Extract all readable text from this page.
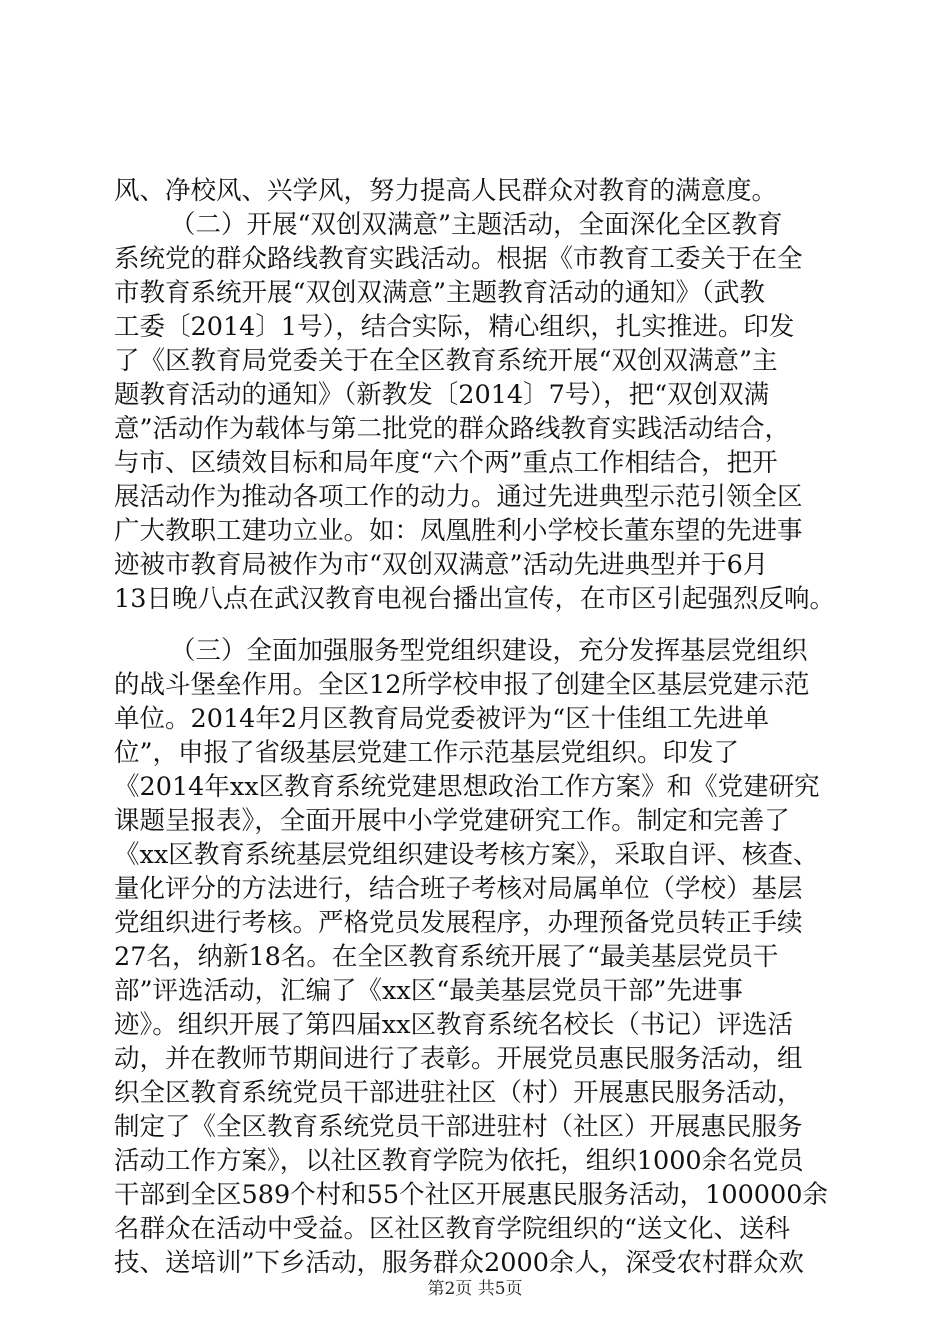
风、净校风、兴学风，努力提高人民群众对教育的满意度。
（二）开展“双创双满意”主题活动，全面深化全区教育
系统党的群众路线教育实践活动。根据《市教育工委关于在全
市教育系统开展“双创双满意”主题教育活动的通知》（武教
工委〔2014〕1号），结合实际，精心组织，扎实推进。印发
了《区教育局党委关于在全区教育系统开展“双创双满意”主
题教育活动的通知》（新教发〔2014〕7号），把“双创双满
意”活动作为载体与第二批党的群众路线教育实践活动结合，
与市、区绩效目标和局年度“六个两”重点工作相结合，把开
展活动作为推动各项工作的动力。通过先进典型示范引领全区
广大教职工建功立业。如：凤凰胜利小学校长董东望的先进事
迹被市教育局被作为市“双创双满意”活动先进典型并于6月
13日晚八点在武汉教育电视台播出宣传，在市区引起强烈反响。
（三）全面加强服务型党组织建设，充分发挥基层党组织
的战斗堡垒作用。全区12所学校申报了创建全区基层党建示范
单位。2014年2月区教育局党委被评为“区十佳组工先进单
位”，申报了省级基层党建工作示范基层党组织。印发了
《2014年xx区教育系统党建思想政治工作方案》和《党建研究
课题呈报表》，全面开展中小学党建研究工作。制定和完善了
《xx区教育系统基层党组织建设考核方案》，采取自评、核查、
量化评分的方法进行，结合班子考核对局属单位（学校）基层
党组织进行考核。严格党员发展程序，办理预备党员转正手续
27名，纳新18名。在全区教育系统开展了“最美基层党员干
部”评选活动，汇编了《xx区“最美基层党员干部”先进事
迹》。组织开展了第四届xx区教育系统名校长（书记）评选活
动，并在教师节期间进行了表彰。开展党员惠民服务活动，组
织全区教育系统党员干部进驻社区（村）开展惠民服务活动，
制定了《全区教育系统党员干部进驻村（社区）开展惠民服务
活动工作方案》，以社区教育学院为依托，组织1000余名党员
干部到全区589个村和55个社区开展惠民服务活动，100000余
名群众在活动中受益。区社区教育学院组织的“送文化、送科
技、送培训”下乡活动，服务群众2000余人，深受农村群众欢
第2页 共5页
